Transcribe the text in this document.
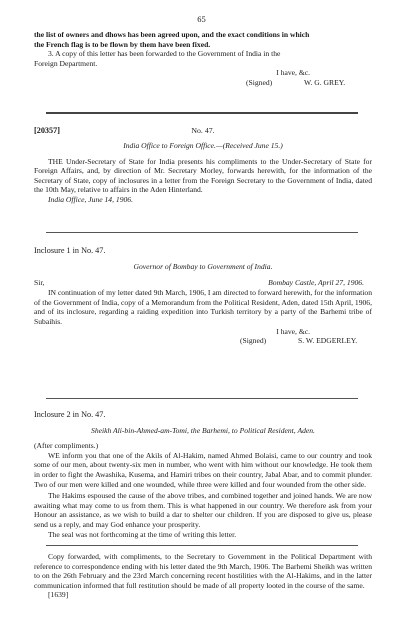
65

the list of owners and dhows has been agreed upon, and the exact conditions in which

the French flag is to be flown by them have been fixed.

3. A copy of this letter has been forwarded to the Government of India in the

Foreign Department.

I have, &c.

(Signed)	W. G. GREY.
[20357]	No. 47.

India Office to Foreign Office.—(Received June 15.)

THE Under-Secretary of State for India presents his compliments to the Under-Secretary of State for Foreign Affairs, and, by direction of Mr. Secretary Morley, forwards herewith, for the information of the Secretary of State, copy of inclosures in a letter from the Foreign Secretary to the Government of India, dated the 10th May, relative to affairs in the Aden Hinterland.

India Office, June 14, 1906.

Inclosure 1 in No. 47.

Governor of Bombay to Government of India.

Sir,	Bombay Castle, April 27, 1906.

IN continuation of my letter dated 9th March, 1906, I am directed to forward herewith, for the information of the Government of India, copy of a Memorandum from the Political Resident, Aden, dated 15th April, 1906, and of its inclosure, regarding a raiding expedition into Turkish territory by a party of the Barhemi tribe of Subaihis.

I have, &c.

(Signed)	S. W. EDGERLEY.

Inclosure 2 in No. 47.

Sheikh Ali-bin-Ahmed-am-Tomi, the Barhemi, to Political Resident, Aden.

(After compliments.)

WE inform you that one of the Akils of Al-Hakim, named Ahmed Bolaisi, came to our country and took some of our men, about twenty-six men in number, who went with him without our knowledge. He took them in order to fight the Awashika, Kusema, and Hamiri tribes on their country, Jabal Abar, and to commit plunder. Two of our men were killed and one wounded, while three were killed and four wounded from the other side.

The Hakims espoused the cause of the above tribes, and combined together and joined hands. We are now awaiting what may come to us from them. This is what happened in our country. We therefore ask from your Honour an assistance, as we wish to build a dar to shelter our children. If you are disposed to give us, please send us a reply, and may God enhance your prosperity.

The seal was not forthcoming at the time of writing this letter.

Copy forwarded, with compliments, to the Secretary to Government in the Political Department with reference to correspondence ending with his letter dated the 9th March, 1906. The Barhemi Sheikh was written to on the 26th February and the 23rd March concerning recent hostilities with the Al-Hakims, and in the latter communication informed that full restitution should be made of all property looted in the course of the same.

[1639]
